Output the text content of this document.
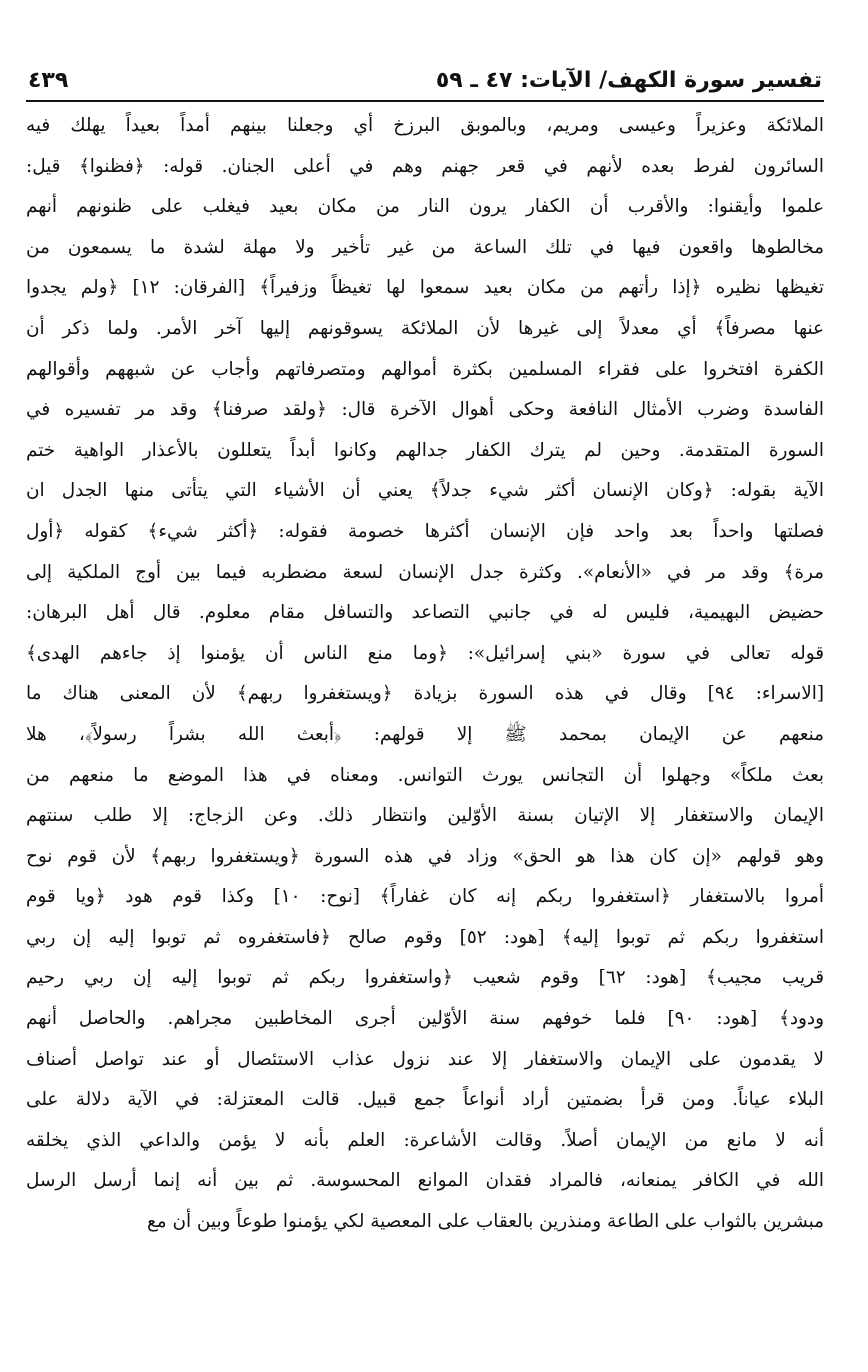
تفسير سورة الكهف/ الآيات: ٤٧ ـ ٥٩
٤٣٩
الملائكة وعزيراً وعيسى ومريم، وبالموبق البرزخ أي وجعلنا بينهم أمداً بعيداً يهلك فيه
السائرون لفرط بعده لأنهم في قعر جهنم وهم في أعلى الجنان. قوله: ﴿فظنوا﴾ قيل:
علموا وأيقنوا: والأقرب أن الكفار يرون النار من مكان بعيد فيغلب على ظنونهم أنهم
مخالطوها واقعون فيها في تلك الساعة من غير تأخير ولا مهلة لشدة ما يسمعون من
تغيظها نظيره ﴿إذا رأتهم من مكان بعيد سمعوا لها تغيظاً وزفيراً﴾ [الفرقان: ١٢] ﴿ولم يجدوا
عنها مصرفاً﴾ أي معدلاً إلى غيرها لأن الملائكة يسوقونهم إليها آخر الأمر. ولما ذكر أن
الكفرة افتخروا على فقراء المسلمين بكثرة أموالهم ومتصرفاتهم وأجاب عن شبههم وأقوالهم
الفاسدة وضرب الأمثال النافعة وحكى أهوال الآخرة قال: ﴿ولقد صرفنا﴾ وقد مر تفسيره في
السورة المتقدمة. وحين لم يترك الكفار جدالهم وكانوا أبداً يتعللون بالأعذار الواهية ختم
الآية بقوله: ﴿وكان الإنسان أكثر شيء جدلاً﴾ يعني أن الأشياء التي يتأتى منها الجدل ان
فصلتها واحداً بعد واحد فإن الإنسان أكثرها خصومة فقوله: ﴿أكثر شيء﴾ كقوله ﴿أول
مرة﴾ وقد مر في «الأنعام». وكثرة جدل الإنسان لسعة مضطربه فيما بين أوج الملكية إلى
حضيض البهيمية، فليس له في جانبي التصاعد والتسافل مقام معلوم. قال أهل البرهان:
قوله تعالى في سورة «بني إسرائيل»: ﴿وما منع الناس أن يؤمنوا إذ جاءهم الهدى﴾
[الاسراء: ٩٤] وقال في هذه السورة بزيادة ﴿ويستغفروا ربهم﴾ لأن المعنى هناك ما
منعهم عن الإيمان بمحمد ﷺ إلا قولهم: ﴿أبعث الله بشراً رسولاً﴾، هلا
بعث ملكاً» وجهلوا أن التجانس يورث التوانس. ومعناه في هذا الموضع ما منعهم من
الإيمان والاستغفار إلا الإتيان بسنة الأوّلين وانتظار ذلك. وعن الزجاج: إلا طلب سنتهم
وهو قولهم «إن كان هذا هو الحق» وزاد في هذه السورة ﴿ويستغفروا ربهم﴾ لأن قوم نوح
أمروا بالاستغفار ﴿استغفروا ربكم إنه كان غفاراً﴾ [نوح: ١٠] وكذا قوم هود ﴿ويا قوم
استغفروا ربكم ثم توبوا إليه﴾ [هود: ٥٢] وقوم صالح ﴿فاستغفروه ثم توبوا إليه إن ربي
قريب مجيب﴾ [هود: ٦٢] وقوم شعيب ﴿واستغفروا ربكم ثم توبوا إليه إن ربي رحيم
ودود﴾ [هود: ٩٠] فلما خوفهم سنة الأوّلين أجرى المخاطبين مجراهم. والحاصل أنهم
لا يقدمون على الإيمان والاستغفار إلا عند نزول عذاب الاستئصال أو عند تواصل أصناف
البلاء عياناً. ومن قرأ بضمتين أراد أنواعاً جمع قبيل. قالت المعتزلة: في الآية دلالة على
أنه لا مانع من الإيمان أصلاً. وقالت الأشاعرة: العلم بأنه لا يؤمن والداعي الذي يخلقه
الله في الكافر يمنعانه، فالمراد فقدان الموانع المحسوسة. ثم بين أنه إنما أرسل الرسل
مبشرين بالثواب على الطاعة ومنذرين بالعقاب على المعصية لكي يؤمنوا طوعاً وبين أن مع
